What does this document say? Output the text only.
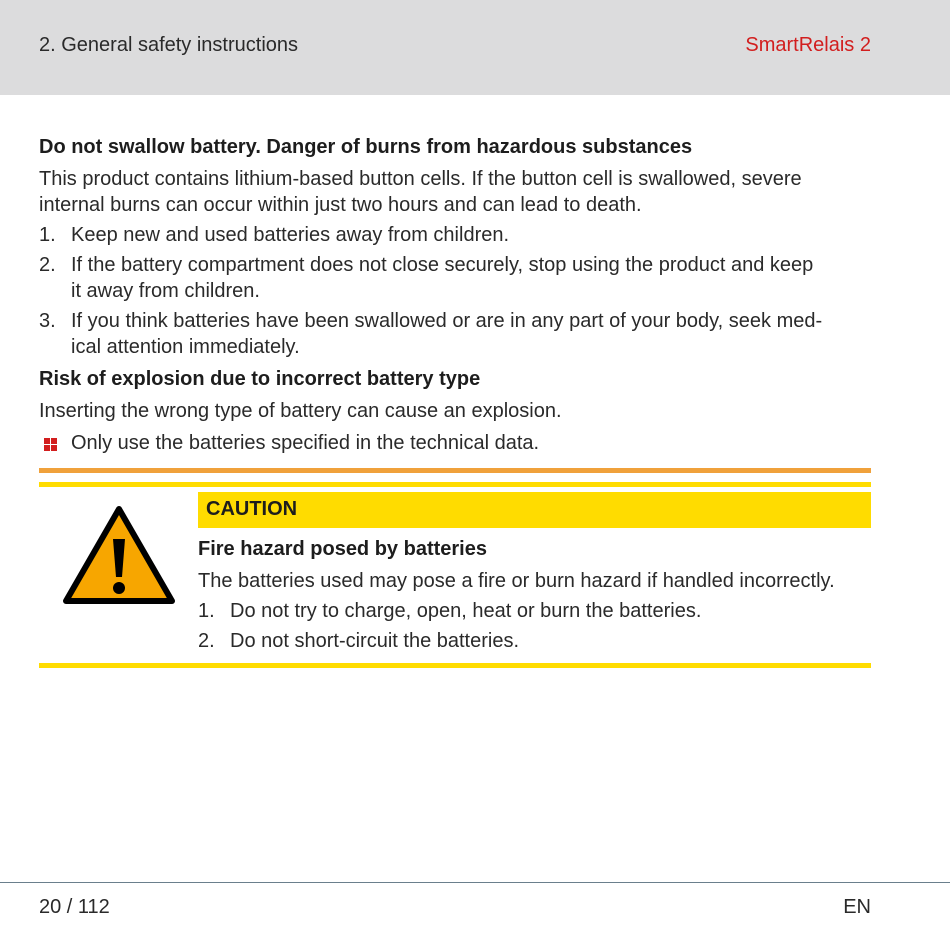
2. General safety instructions	SmartRelais 2
Do not swallow battery. Danger of burns from hazardous substances

This product contains lithium-based button cells. If the button cell is swallowed, severe
internal burns can occur within just two hours and can lead to death.

1. Keep new and used batteries away from children.
2. If the battery compartment does not close securely, stop using the product and keep
it away from children.
3. If you think batteries have been swallowed or are in any part of your body, seek med-
ical attention immediately.
Risk of explosion due to incorrect battery type

Inserting the wrong type of battery can cause an explosion.

Only use the batteries specified in the technical data.
CAUTION
Fire hazard posed by batteries

The batteries used may pose a fire or burn hazard if handled incorrectly.

1. Do not try to charge, open, heat or burn the batteries.
2. Do not short-circuit the batteries.
20 / 112	EN
